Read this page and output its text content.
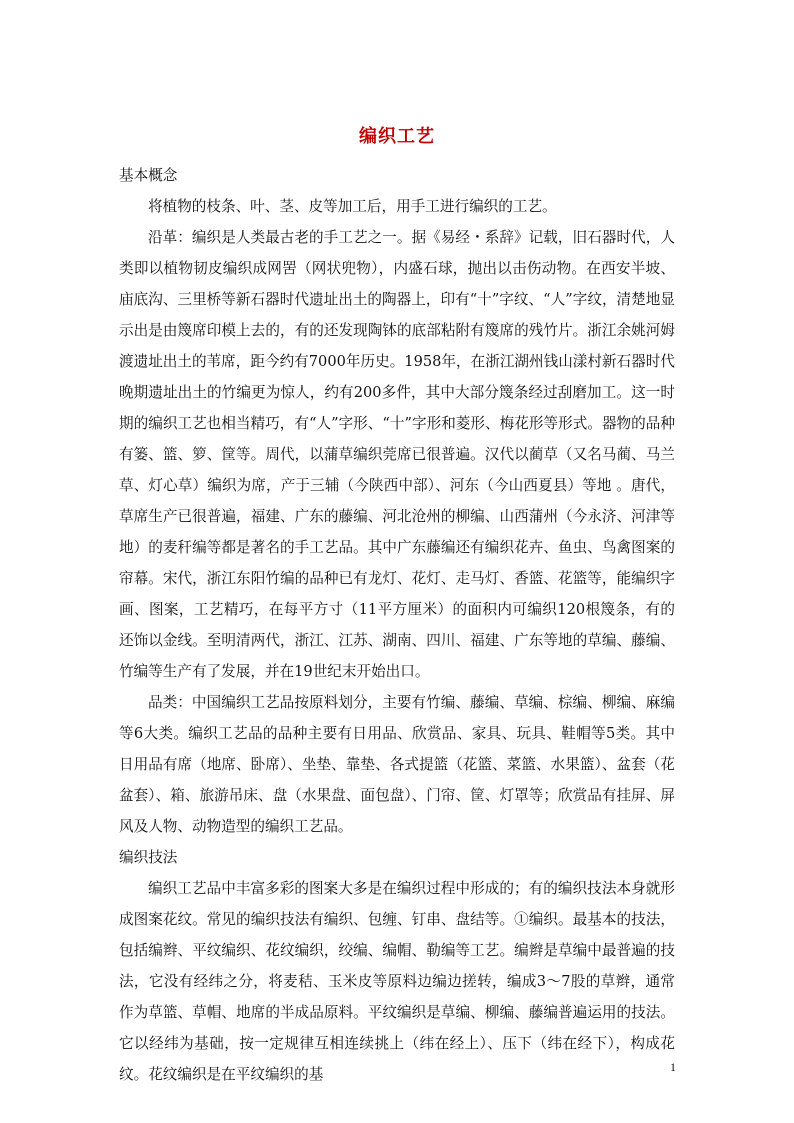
编织工艺

基本概念

将植物的枝条、叶、茎、皮等加工后，用手工进行编织的工艺。

沿革：编织是人类最古老的手工艺之一。据《易经・系辞》记载，旧石器时代，人类即以植物韧皮编织成网罟（网状兜物），内盛石球，抛出以击伤动物。在西安半坡、庙底沟、三里桥等新石器时代遗址出土的陶器上，印有“十”字纹、“人”字纹，清楚地显示出是由篾席印模上去的，有的还发现陶钵的底部粘附有篾席的残竹片。浙江余姚河姆渡遗址出土的苇席，距今约有7000年历史。1958年，在浙江湖州钱山漾村新石器时代晚期遗址出土的竹编更为惊人，约有200多件，其中大部分篾条经过刮磨加工。这一时期的编织工艺也相当精巧，有“人”字形、“十”字形和菱形、梅花形等形式。器物的品种有篓、篮、箩、筐等。周代，以蒲草编织莞席已很普遍。汉代以蔺草（又名马蔺、马兰草、灯心草）编织为席，产于三辅（今陕西中部）、河东（今山西夏县）等地 。唐代，草席生产已很普遍，福建、广东的藤编、河北沧州的柳编、山西蒲州（今永济、河津等地）的麦秆编等都是著名的手工艺品。其中广东藤编还有编织花卉、鱼虫、鸟禽图案的帘幕。宋代，浙江东阳竹编的品种已有龙灯、花灯、走马灯、香篮、花篮等，能编织字画、图案，工艺精巧，在每平方寸（11平方厘米）的面积内可编织120根篾条，有的还饰以金线。至明清两代，浙江、江苏、湖南、四川、福建、广东等地的草编、藤编、竹编等生产有了发展，并在19世纪末开始出口。

品类：中国编织工艺品按原料划分，主要有竹编、藤编、草编、棕编、柳编、麻编等6大类。编织工艺品的品种主要有日用品、欣赏品、家具、玩具、鞋帽等5类。其中日用品有席（地席、卧席）、坐垫、靠垫、各式提篮（花篮、菜篮、水果篮）、盆套（花盆套）、箱、旅游吊床、盘（水果盘、面包盘）、门帘、筐、灯罩等；欣赏品有挂屏、屏风及人物、动物造型的编织工艺品。

编织技法

编织工艺品中丰富多彩的图案大多是在编织过程中形成的；有的编织技法本身就形成图案花纹。常见的编织技法有编织、包缠、钉串、盘结等。①编织。最基本的技法，包括编辫、平纹编织、花纹编织，绞编、编帽、勒编等工艺。编辫是草编中最普遍的技法，它没有经纬之分，将麦秸、玉米皮等原料边编边搓转，编成3～7股的草辫，通常作为草篮、草帽、地席的半成品原料。平纹编织是草编、柳编、藤编普遍运用的技法。它以经纬为基础，按一定规律互相连续挑上（纬在经上）、压下（纬在经下），构成花纹。花纹编织是在平纹编织的基	1
